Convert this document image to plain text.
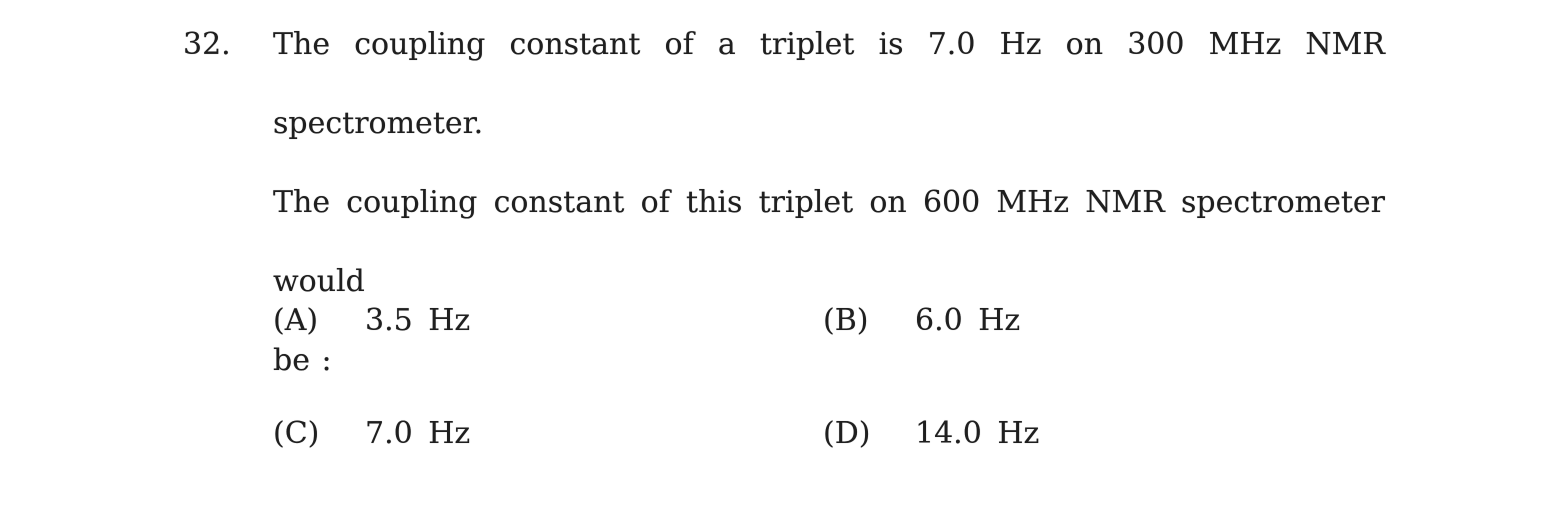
32. The coupling constant of a triplet is 7.0 Hz on 300 MHz NMR spectrometer.
The coupling constant of this triplet on 600 MHz NMR spectrometer would
be :
(A)	3.5 Hz	(B)	6.0 Hz
(C)	7.0 Hz	(D)	14.0 Hz
